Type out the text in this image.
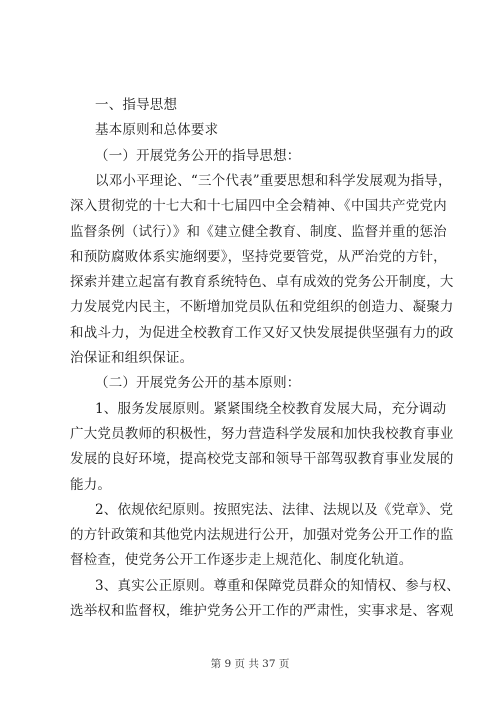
一、指导思想
基本原则和总体要求
（一）开展党务公开的指导思想：
以邓小平理论、“三个代表”重要思想和科学发展观为指导，
深入贯彻党的十七大和十七届四中全会精神、《中国共产党党内
监督条例（试行）》和《建立健全教育、制度、监督并重的惩治
和预防腐败体系实施纲要》，坚持党要管党，从严治党的方针，
探索并建立起富有教育系统特色、卓有成效的党务公开制度，大
力发展党内民主，不断增加党员队伍和党组织的创造力、凝聚力
和战斗力，为促进全校教育工作又好又快发展提供坚强有力的政
治保证和组织保证。
（二）开展党务公开的基本原则：
1、服务发展原则。紧紧围绕全校教育发展大局，充分调动
广大党员教师的积极性，努力营造科学发展和加快我校教育事业
发展的良好环境，提高校党支部和领导干部驾驭教育事业发展的
能力。
2、依规依纪原则。按照宪法、法律、法规以及《党章》、党
的方针政策和其他党内法规进行公开，加强对党务公开工作的监
督检查，使党务公开工作逐步走上规范化、制度化轨道。
3、真实公正原则。尊重和保障党员群众的知情权、参与权、
选举权和监督权，维护党务公开工作的严肃性，实事求是、客观
第 9 页 共 37 页
